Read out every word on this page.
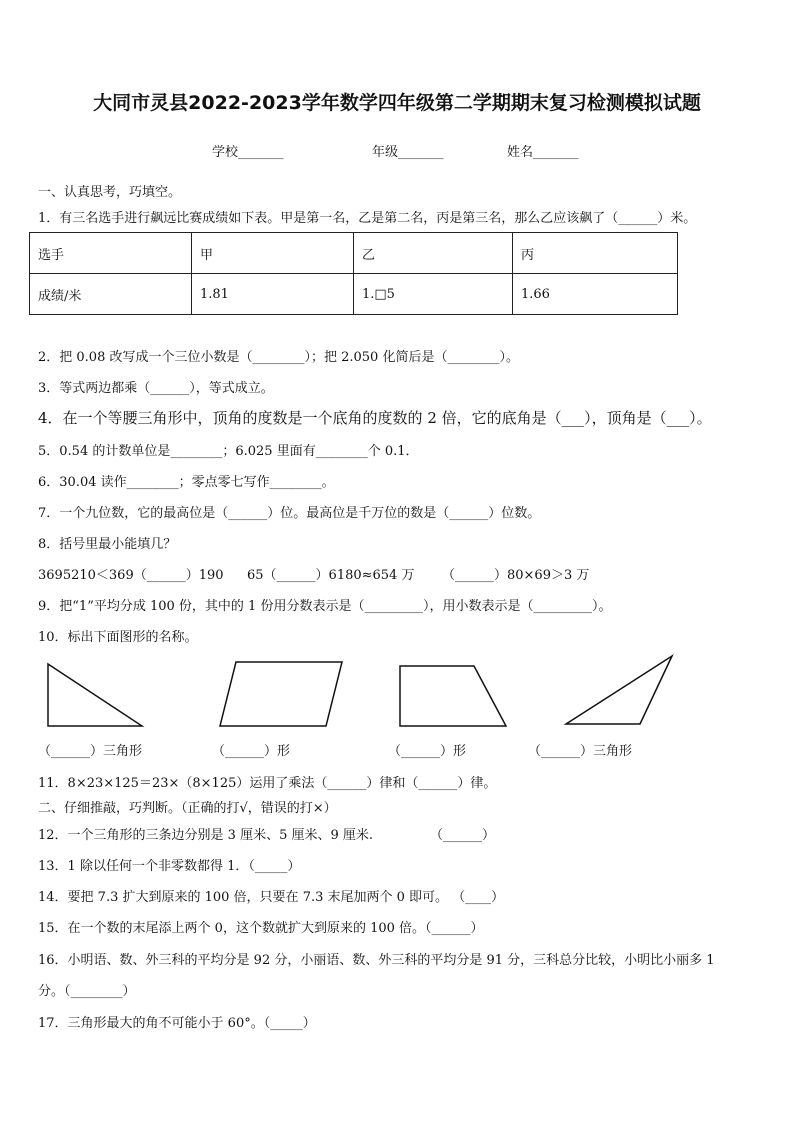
大同市灵县2022-2023学年数学四年级第二学期期末复习检测模拟试题
学校_______	年级_______	姓名_______
一、认真思考，巧填空。
1．有三名选手进行飙远比赛成绩如下表。甲是第一名，乙是第二名，丙是第三名，那么乙应该飙了（______）米。
选手	甲	乙	丙
成绩/米	1.81	1.□5	1.66
2．把 0.08 改写成一个三位小数是（________）；把 2.050 化简后是（________）。
3．等式两边都乘（______），等式成立。
4．在一个等腰三角形中，顶角的度数是一个底角的度数的 2 倍，它的底角是（___），顶角是（___）。
5．0.54 的计数单位是________；6.025 里面有________个 0.1．
6．30.04 读作________；零点零七写作________。
7．一个九位数，它的最高位是（______）位。最高位是千万位的数是（______）位数。
8．括号里最小能填几？
3695210＜369（______）190 65（______）6180≈654 万 （______）80×69＞3 万
9．把“1”平均分成 100 份，其中的 1 份用分数表示是（_________），用小数表示是（_________）。
10．标出下面图形的名称。
（______）三角形	（______）形	（______）形	（______）三角形
11．8×23×125＝23×（8×125）运用了乘法（______）律和（______）律。
二、仔细推敲，巧判断。（正确的打√，错误的打×）
12．一个三角形的三条边分别是 3 厘米、5 厘米、9 厘米.	（______）
13．1 除以任何一个非零数都得 1．（_____）
14．要把 7.3 扩大到原来的 100 倍，只要在 7.3 末尾加两个 0 即可。 （____）
15．在一个数的末尾添上两个 0，这个数就扩大到原来的 100 倍。（______）
16．小明语、数、外三科的平均分是 92 分，小丽语、数、外三科的平均分是 91 分，三科总分比较，小明比小丽多 1
分。（________）
17．三角形最大的角不可能小于 60°。（_____）
